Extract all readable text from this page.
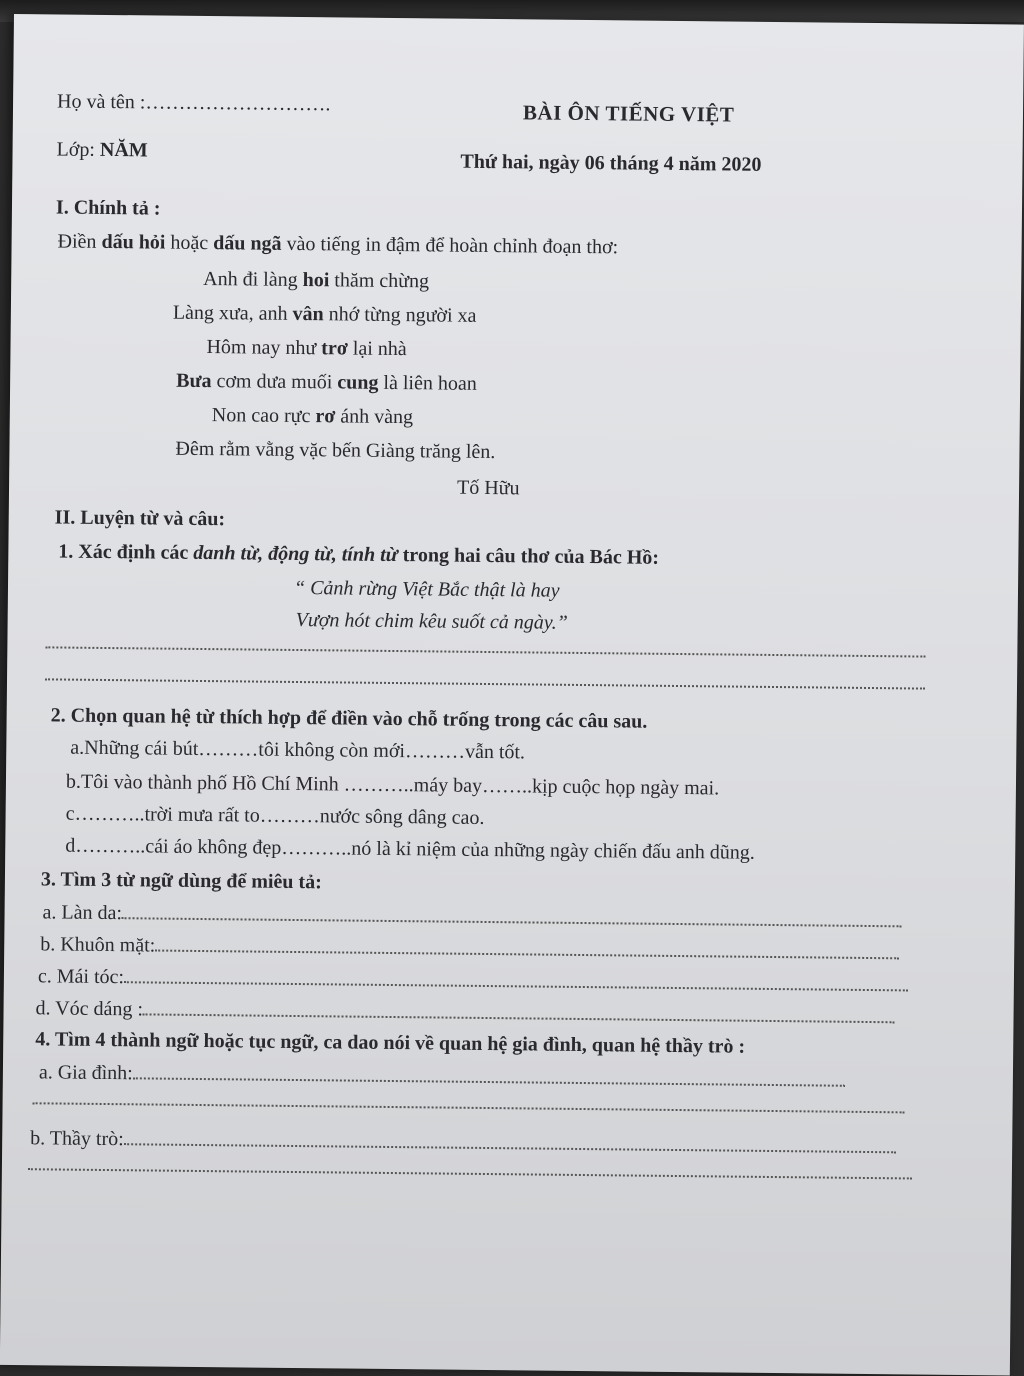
Họ và tên :……………………….	BÀI ÔN TIẾNG VIỆT
Lớp: NĂM
Thứ hai, ngày 06 tháng 4 năm 2020
I. Chính tả :
Điền dấu hỏi hoặc dấu ngã vào tiếng in đậm để hoàn chỉnh đoạn thơ:
Anh đi làng hoi thăm chừng
Làng xưa, anh vân nhớ từng người xa
Hôm nay như trơ lại nhà
Bưa cơm dưa muối cung là liên hoan
Non cao rực rơ ánh vàng
Đêm rằm vằng vặc bến Giàng trăng lên.
Tố Hữu
II. Luyện từ và câu:
1. Xác định các danh từ, động từ, tính từ trong hai câu thơ của Bác Hồ:
“ Cảnh rừng Việt Bắc thật là hay
Vượn hót chim kêu suốt cả ngày.”
2. Chọn quan hệ từ thích hợp để điền vào chỗ trống trong các câu sau.
a.Những cái bút………tôi không còn mới………vẫn tốt.
b.Tôi vào thành phố Hồ Chí Minh ………..máy bay……..kịp cuộc họp ngày mai.
c………..trời mưa rất to………nước sông dâng cao.
d………..cái áo không đẹp………..nó là kỉ niệm của những ngày chiến đấu anh dũng.
3. Tìm 3 từ ngữ dùng để miêu tả:
a. Làn da:
b. Khuôn mặt:
c. Mái tóc:
d. Vóc dáng :
4. Tìm 4 thành ngữ hoặc tục ngữ, ca dao nói về quan hệ gia đình, quan hệ thầy trò :
a. Gia đình:
b. Thầy trò:
